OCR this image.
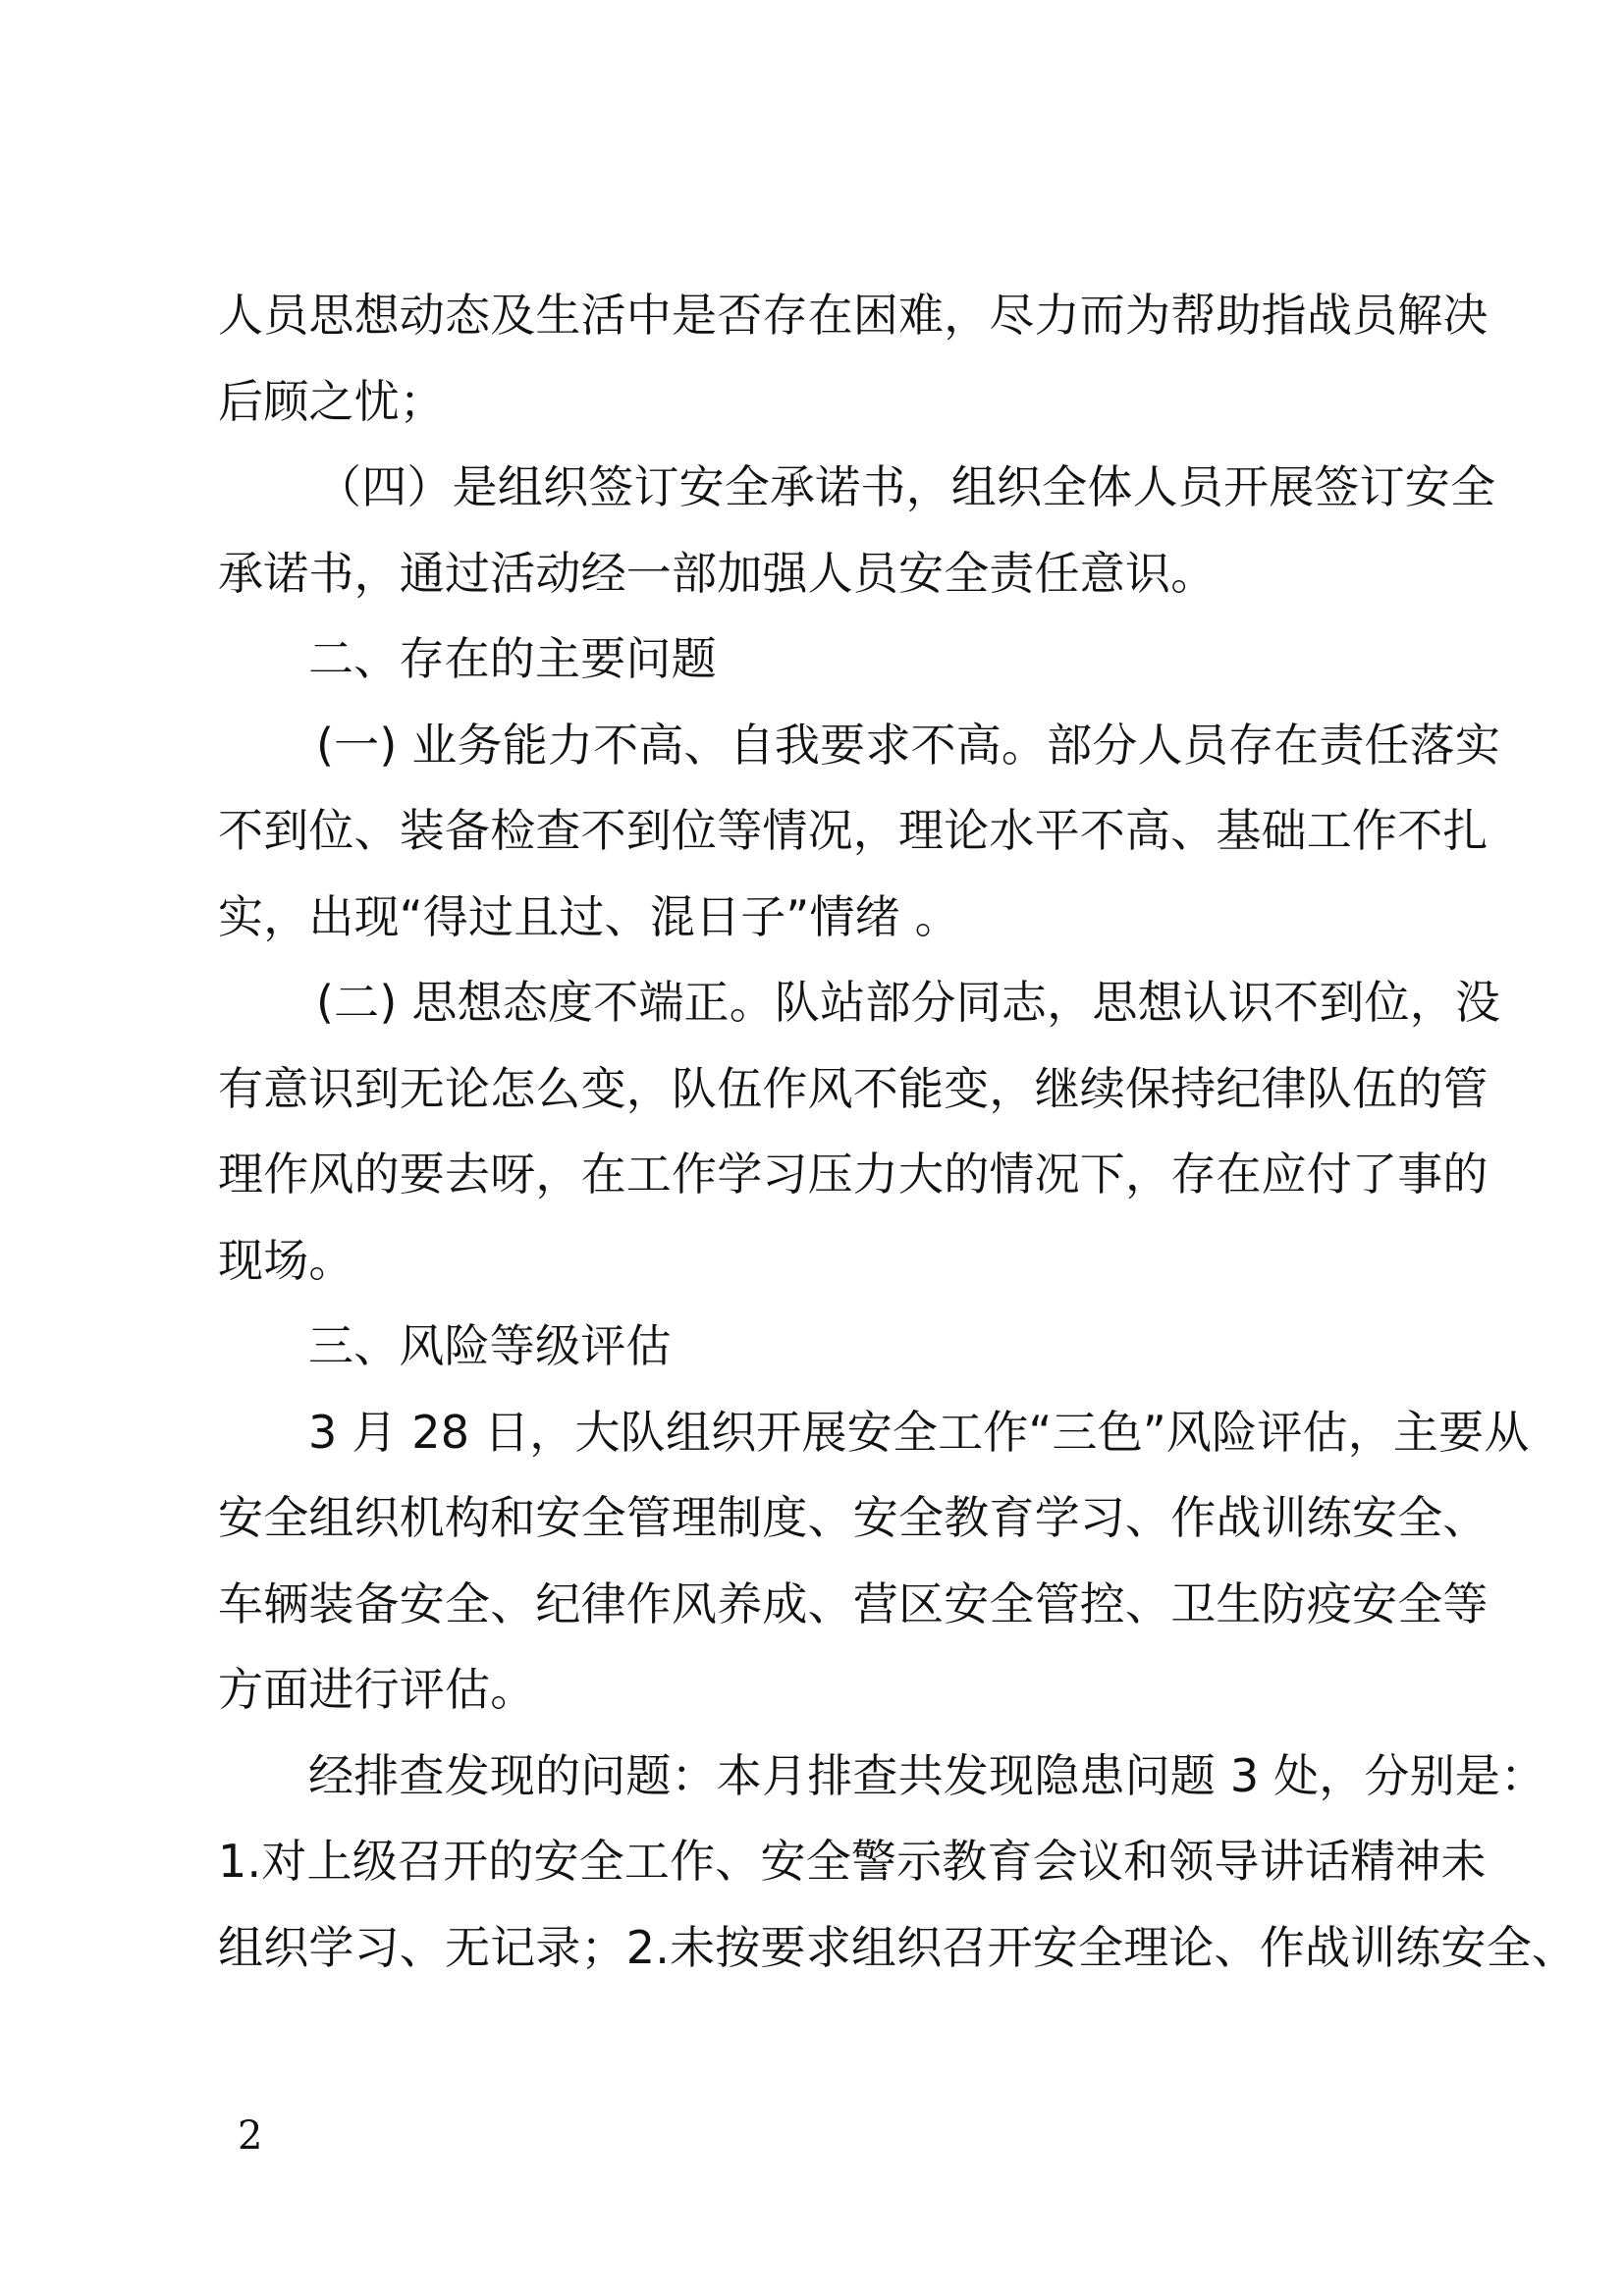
人员思想动态及生活中是否存在困难，尽力而为帮助指战员解决
后顾之忧；
（四）是组织签订安全承诺书，组织全体人员开展签订安全
承诺书，通过活动经一部加强人员安全责任意识。
二、存在的主要问题
(一) 业务能力不高、自我要求不高。部分人员存在责任落实
不到位、装备检查不到位等情况，理论水平不高、基础工作不扎
实，出现“得过且过、混日子”情绪 。
(二) 思想态度不端正。队站部分同志，思想认识不到位，没
有意识到无论怎么变，队伍作风不能变，继续保持纪律队伍的管
理作风的要去呀，在工作学习压力大的情况下，存在应付了事的
现场。
三、风险等级评估
3 月 28 日，大队组织开展安全工作“三色”风险评估，主要从
安全组织机构和安全管理制度、安全教育学习、作战训练安全、
车辆装备安全、纪律作风养成、营区安全管控、卫生防疫安全等
方面进行评估。
经排查发现的问题：本月排查共发现隐患问题 3 处，分别是：
1.对上级召开的安全工作、安全警示教育会议和领导讲话精神未
组织学习、无记录；2.未按要求组织召开安全理论、作战训练安全、
2
